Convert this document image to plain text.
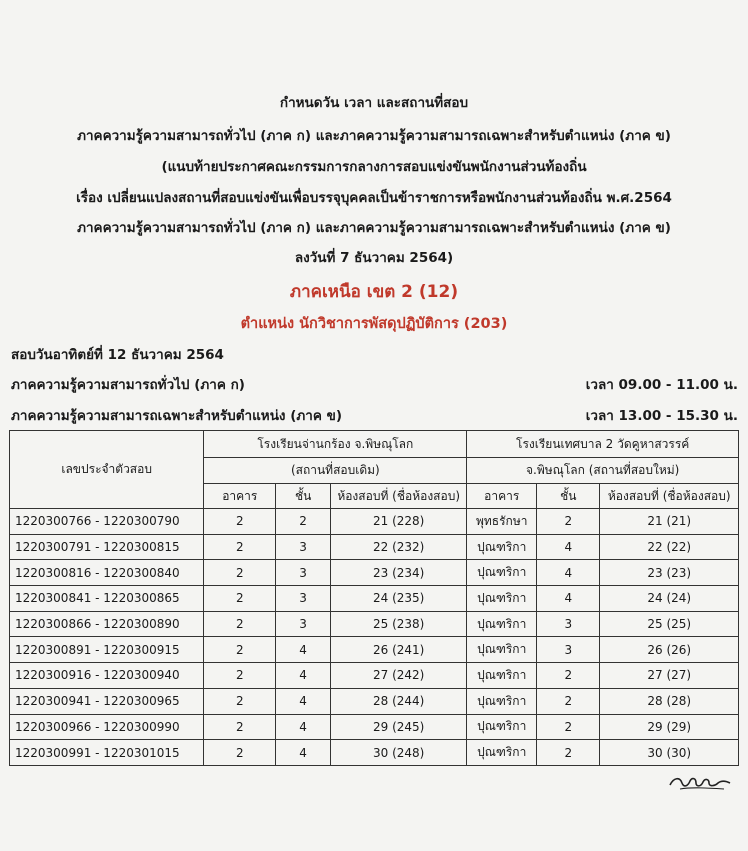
กำหนดวัน เวลา และสถานที่สอบ
ภาคความรู้ความสามารถทั่วไป (ภาค ก) และภาคความรู้ความสามารถเฉพาะสำหรับตำแหน่ง (ภาค ข)
(แนบท้ายประกาศคณะกรรมการกลางการสอบแข่งขันพนักงานส่วนท้องถิ่น
เรื่อง เปลี่ยนแปลงสถานที่สอบแข่งขันเพื่อบรรจุบุคคลเป็นข้าราชการหรือพนักงานส่วนท้องถิ่น พ.ศ.2564
ภาคความรู้ความสามารถทั่วไป (ภาค ก) และภาคความรู้ความสามารถเฉพาะสำหรับตำแหน่ง (ภาค ข)
ลงวันที่ 7 ธันวาคม 2564)
ภาคเหนือ เขต 2 (12)
ตำแหน่ง นักวิชาการพัสดุปฏิบัติการ (203)
สอบวันอาทิตย์ที่ 12 ธันวาคม 2564
ภาคความรู้ความสามารถทั่วไป (ภาค ก)	เวลา 09.00 - 11.00 น.
ภาคความรู้ความสามารถเฉพาะสำหรับตำแหน่ง (ภาค ข)	เวลา 13.00 - 15.30 น.
เลขประจำตัวสอบ	โรงเรียนจ่านกร้อง จ.พิษณุโลก			โรงเรียนเทศบาล 2 วัดคูหาสวรรค์		
	(สถานที่สอบเดิม)			จ.พิษณุโลก (สถานที่สอบใหม่)		
	อาคาร	ชั้น	ห้องสอบที่ (ชื่อห้องสอบ)	อาคาร	ชั้น	ห้องสอบที่ (ชื่อห้องสอบ)
1220300766 - 1220300790	2	2	21 (228)	พุทธรักษา	2	21 (21)
1220300791 - 1220300815	2	3	22 (232)	ปุณฑริกา	4	22 (22)
1220300816 - 1220300840	2	3	23 (234)	ปุณฑริกา	4	23 (23)
1220300841 - 1220300865	2	3	24 (235)	ปุณฑริกา	4	24 (24)
1220300866 - 1220300890	2	3	25 (238)	ปุณฑริกา	3	25 (25)
1220300891 - 1220300915	2	4	26 (241)	ปุณฑริกา	3	26 (26)
1220300916 - 1220300940	2	4	27 (242)	ปุณฑริกา	2	27 (27)
1220300941 - 1220300965	2	4	28 (244)	ปุณฑริกา	2	28 (28)
1220300966 - 1220300990	2	4	29 (245)	ปุณฑริกา	2	29 (29)
1220300991 - 1220301015	2	4	30 (248)	ปุณฑริกา	2	30 (30)
